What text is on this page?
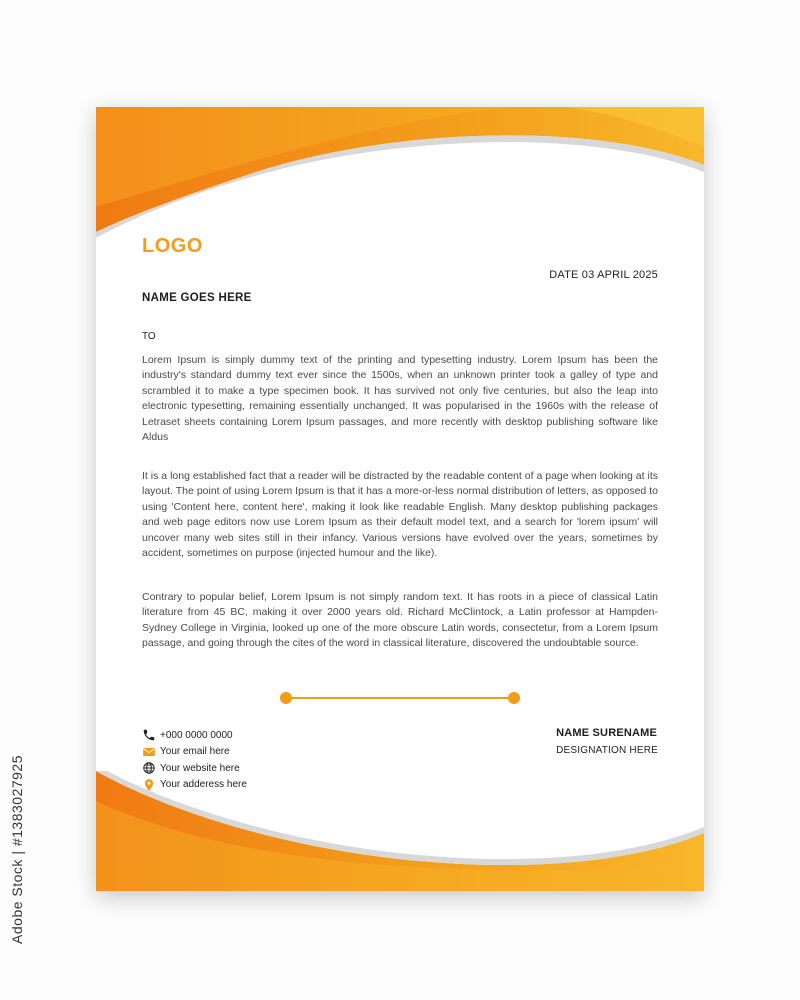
LOGO
DATE 03 APRIL 2025
NAME GOES HERE
TO

Lorem Ipsum is simply dummy text of the printing and typesetting industry. Lorem Ipsum has been the industry's standard dummy text ever since the 1500s, when an unknown printer took a galley of type and scrambled it to make a type specimen book. It has survived not only five centuries, but also the leap into electronic typesetting, remaining essentially unchanged. It was popularised in the 1960s with the release of Letraset sheets containing Lorem Ipsum passages, and more recently with desktop publishing software like Aldus

It is a long established fact that a reader will be distracted by the readable content of a page when looking at its layout. The point of using Lorem Ipsum is that it has a more-or-less normal distribution of letters, as opposed to using 'Content here, content here', making it look like readable English. Many desktop publishing packages and web page editors now use Lorem Ipsum as their default model text, and a search for 'lorem ipsum' will uncover many web sites still in their infancy. Various versions have evolved over the years, sometimes by accident, sometimes on purpose (injected humour and the like).

Contrary to popular belief, Lorem Ipsum is not simply random text. It has roots in a piece of classical Latin literature from 45 BC, making it over 2000 years old. Richard McClintock, a Latin professor at Hampden-Sydney College in Virginia, looked up one of the more obscure Latin words, consectetur, from a Lorem Ipsum passage, and going through the cites of the word in classical literature, discovered the undoubtable source.

+000 0000 0000
Your email here
Your website here
Your adderess here
NAME SURENAME
DESIGNATION HERE
Adobe Stock | #1383027925
